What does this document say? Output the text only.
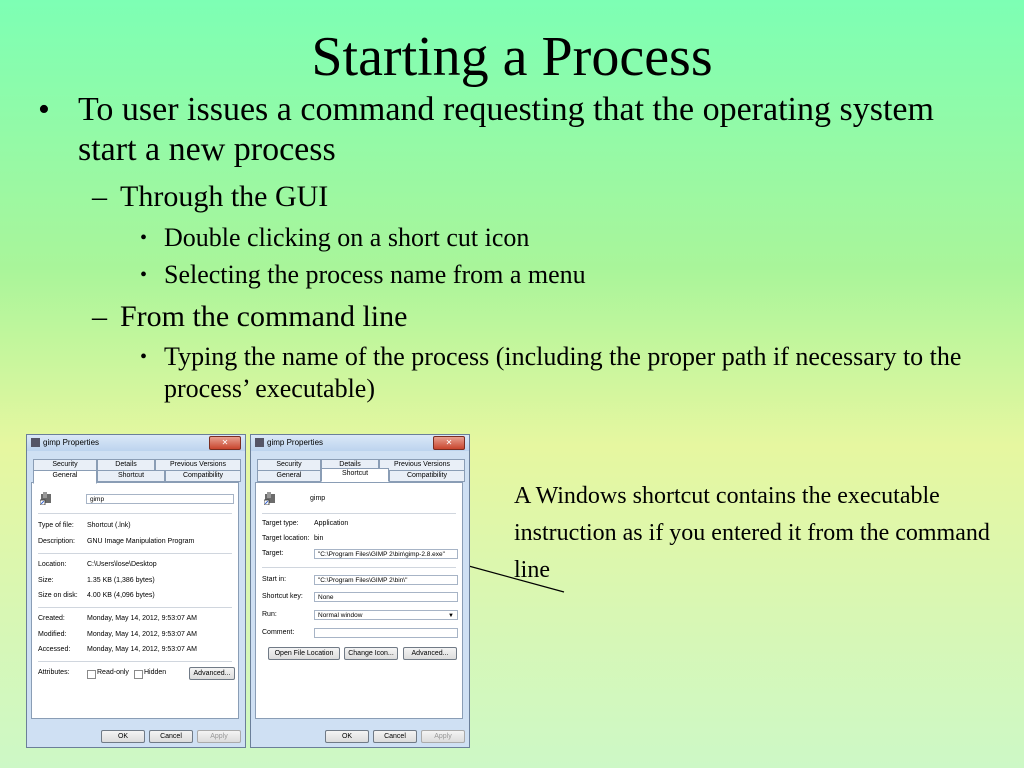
Starting a Process
• To user issues a command requesting that the operating system start a new process
– Through the GUI
• Double clicking on a short cut icon
• Selecting the process name from a menu
– From the command line
• Typing the name of the process (including the proper path if necessary to the process’ executable)
A Windows shortcut contains the executable instruction as if you entered it from the command line
gimp Properties	✕
Security	Details	Previous Versions
General	Shortcut	Compatibility
gimp
Type of file: Shortcut (.lnk)
Description: GNU Image Manipulation Program
Location:	C:\Users\lose\Desktop
Size:	1.35 KB (1,386 bytes)
Size on disk: 4.00 KB (4,096 bytes)
Created:	Monday, May 14, 2012, 9:53:07 AM
Modified:	Monday, May 14, 2012, 9:53:07 AM
Accessed: Monday, May 14, 2012, 9:53:07 AM
Attributes:	Read-only Hidden	Advanced...
OK	Cancel	Apply
gimp Properties	✕
Security	Details	Previous Versions
General	Shortcut	Compatibility
gimp
Target type: Application
Target location: bin
Target:	"C:\Program Files\GIMP 2\bin\gimp-2.8.exe"
Start in:	"C:\Program Files\GIMP 2\bin\"
Shortcut key:	None
Run:	Normal window	▼
Comment:
Open File Location	Change Icon...	Advanced...
OK	Cancel	Apply
